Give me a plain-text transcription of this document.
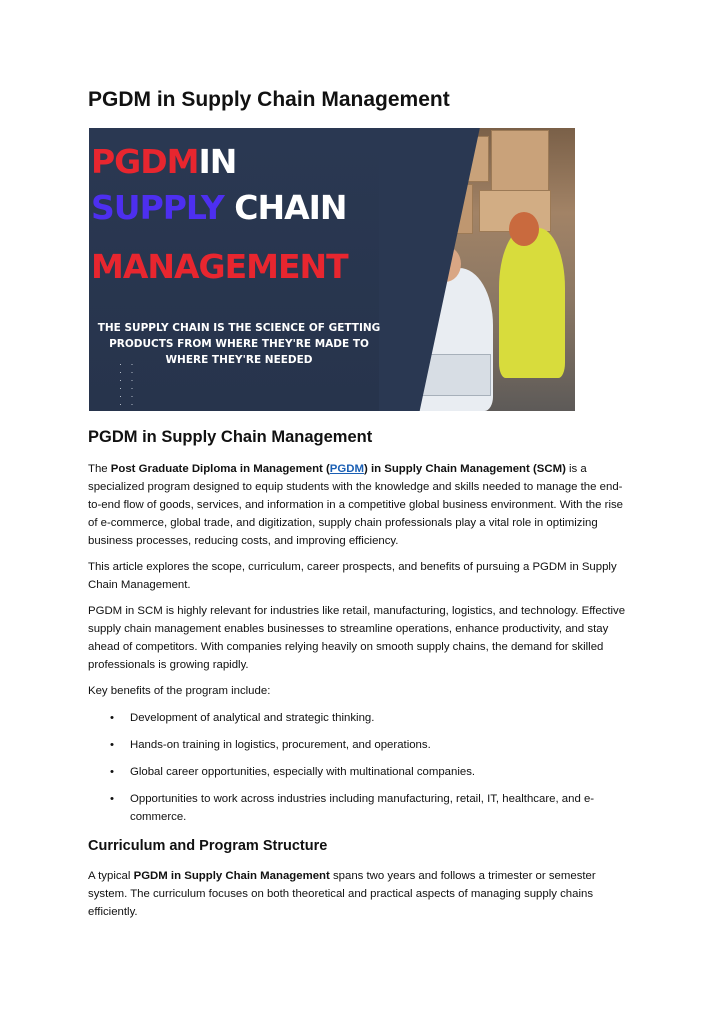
PGDM in Supply Chain Management
PGDMIN
SUPPLY CHAIN
MANAGEMENT

THE SUPPLY CHAIN IS THE SCIENCE OF GETTING

PRODUCTS FROM WHERE THEY'RE MADE TO

WHERE THEY'RE NEEDED

· · · ·
· · · ·
· · · ·
PGDM in Supply Chain Management

The Post Graduate Diploma in Management (PGDM) in Supply Chain Management (SCM) is a specialized program designed to equip students with the knowledge and skills needed to manage the end-to-end flow of goods, services, and information in a competitive global business environment. With the rise of e-commerce, global trade, and digitization, supply chain professionals play a vital role in optimizing business processes, reducing costs, and improving efficiency.

This article explores the scope, curriculum, career prospects, and benefits of pursuing a PGDM in Supply Chain Management.

PGDM in SCM is highly relevant for industries like retail, manufacturing, logistics, and technology. Effective supply chain management enables businesses to streamline operations, enhance productivity, and stay ahead of competitors. With companies relying heavily on smooth supply chains, the demand for skilled professionals is growing rapidly.

Key benefits of the program include:

• Development of analytical and strategic thinking.
• Hands-on training in logistics, procurement, and operations.
• Global career opportunities, especially with multinational companies.
• Opportunities to work across industries including manufacturing, retail, IT, healthcare, and e-commerce.
Curriculum and Program Structure

A typical PGDM in Supply Chain Management spans two years and follows a trimester or semester system. The curriculum focuses on both theoretical and practical aspects of managing supply chains efficiently.
